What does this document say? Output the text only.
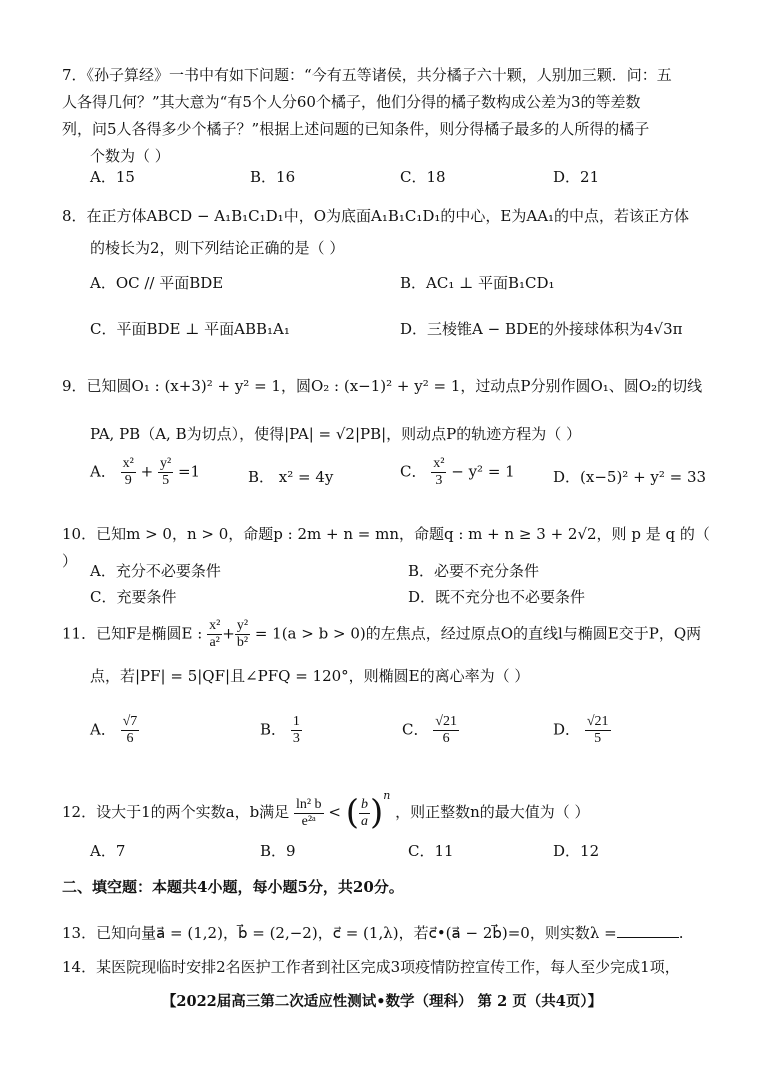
7．《孙子算经》一书中有如下问题：“今有五等诸侯，共分橘子六十颗，人别加三颗．问：五
人各得几何？”其大意为“有5个人分60个橘子，他们分得的橘子数构成公差为3的等差数
列，问5人各得多少个橘子？”根据上述问题的已知条件，则分得橘子最多的人所得的橘子
个数为（ ）
A．15	B．16	C．18	D．21
8．在正方体ABCD − A₁B₁C₁D₁中，O为底面A₁B₁C₁D₁的中心，E为AA₁的中点，若该正方体
的棱长为2，则下列结论正确的是（ ）
A．OC // 平面BDE	B．AC₁ ⊥ 平面B₁CD₁
C．平面BDE ⊥ 平面ABB₁A₁	D．三棱锥A − BDE的外接球体积为4√3π
9．已知圆O₁ : (x+3)² + y² = 1，圆O₂ : (x−1)² + y² = 1，过动点P分别作圆O₁、圆O₂的切线
PA, PB（A, B为切点），使得|PA| = √2|PB|，则动点P的轨迹方程为（ ）
A． $\frac{\text{x²}}{9} + \frac{\text{y²}}{5} =1$	B． x² = 4y	C． $\frac{\text{x²}}{3} - y^2 = 1$	D．(x−5)² + y² = 33
10．已知m > 0，n > 0，命题p : 2m + n = mn，命题q : m + n ≥ 3 + 2√2，则 p 是 q 的（ ）
A．充分不必要条件	B．必要不充分条件
C．充要条件	D．既不充分也不必要条件
11．已知F是椭圆E : $\frac{\text{x²}}{\text{a²}} + \frac{\text{y²}}{\text{b²}} = 1(a > b > 0)$的左焦点，经过原点O的直线l与椭圆E交于P，Q两
点，若|PF| = 5|QF|且∠PFQ = 120°，则椭圆E的离心率为（ ）
A． $\frac{√7}{6}$	B． $\frac{1}{3}$	C． $\frac{√21}{6}$	D． $\frac{√21}{5}$
12．设大于1的两个实数a，b满足 $\frac{\text{ln² b}}{\text{e²ᵃ}}$ < ( $\frac{b}{a} )^n$ ，则正整数n的最大值为（ ）
A．7	B．9	C．11	D．12
二、填空题：本题共4小题，每小题5分，共20分。
13．已知向量a⃗ = (1,2)，b⃗ = (2,−2)，c⃗ = (1,λ)，若c⃗•(a⃗ − 2b⃗)=0，则实数λ =	.
14．某医院现临时安排2名医护工作者到社区完成3项疫情防控宣传工作，每人至少完成1项，
【2022届高三第二次适应性测试•数学（理科） 第 2 页（共4页）】
